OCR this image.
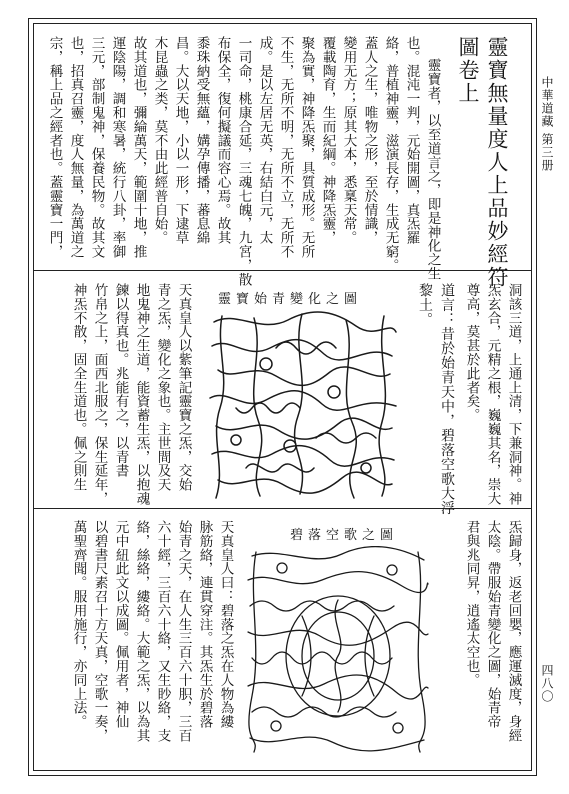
中華道藏
第三册
四八〇
靈寶無量度人上品妙經符
圖卷上
靈寶者，以至道言之，即是神化之生
也。混沌一判，元始開圖，真炁羅
絡，普植神靈，滋演長存，生成无窮。
蓋人之生，唯物之形，至於情識，
變用无方；原其大本，悉稟天常。
覆載陶育，生而紀綱。神降炁靈，
聚為實，神降炁聚，具質成形。无所
不生，无所不明，无所不立，无所不
成。是以左居无英，右結白元，太
一司命，桃康合延，三魂七魄，九宮，散
布保全，復何擬議而容心焉。故其
黍珠納受無蘊，媾孕傳播，蕃息綿
昌。大以天地，小以一形，下逮草
木昆蟲之类，莫不由此經普自始。
故其道也，彌綸萬天，範圍十地，推
運陰陽，調和寒暑，統行八卦，率御
三元，部制鬼神，保養民物。故其文
也，招真召靈，度人無量，為萬道之
宗，稱上品之經者也。蓋靈寶一門，
洞該三道，上通上清，下兼洞神。神
炁玄合，元精之根，巍巍其名，崇大
尊高，莫甚於此者矣。
道言：昔於始青天中，碧落空歌大浮
黎土。
靈寶始青變化之圖
天真皇人以紫筆記靈寶之炁，交始
青之炁，變化之象也。主世間及天
地鬼神之生道，能資蓄生炁，以抱魂
鍊以得真也。兆能有之，以青書
竹帛之上，面西北服之，保生延年，
神炁不散，固全生道也。佩之則生
炁歸身，返老回嬰，應運滅度，身經
太陰。帶服始青變化之圖，始青帝
君與兆同昇，逍遙太空也。
碧落空歌之圖
天真皇人曰：碧落之炁在人物為縷
脉筋絡，連貫穿注。其炁生於碧落
始青之天，在人生三百六十胑，三百
六十經，三百六十絡，又生眇絡，支
絡，絲絡，縷絡。大範之炁，以為其
元中紐此文以成圖。佩用者，神仙
以碧書尺素召十方天真，空歌一奏，
萬聖齊聞。服用施行，亦同上法。
